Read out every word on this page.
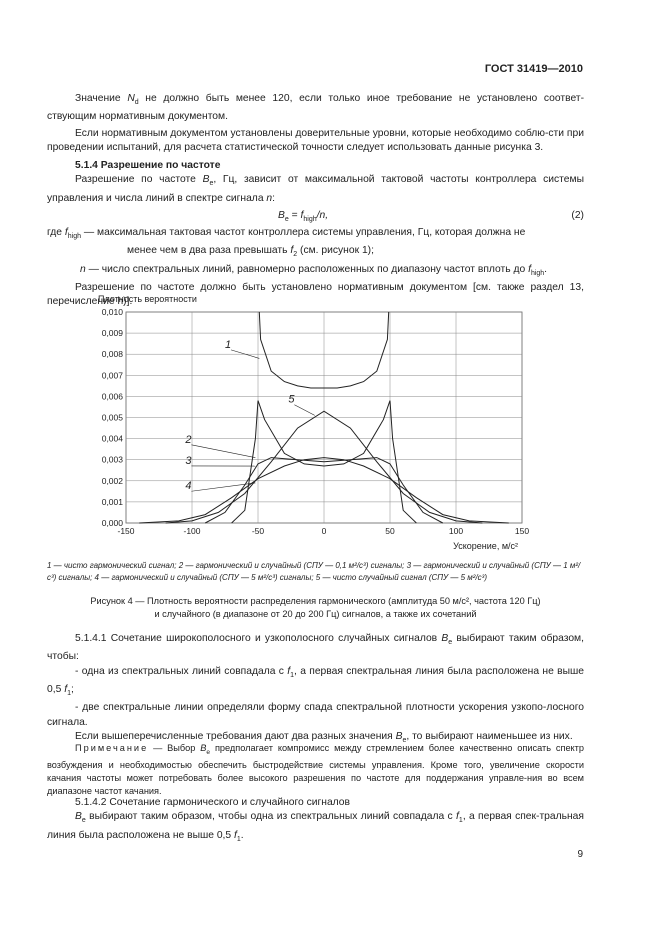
ГОСТ 31419—2010

Значение $N_d$ не должно быть менее 120, если только иное требование не установлено соответ-ствующим нормативным документом.

Если нормативным документом установлены доверительные уровни, которые необходимо соблю-сти при проведении испытаний, для расчета статистической точности следует использовать данные рисунка 3.

5.1.4 Разрешение по частоте

Разрешение по частоте $B_e$, Гц, зависит от максимальной тактовой частоты контроллера системы управления и числа линий в спектре сигнала n:

$B_e = f_{high}/n$,	(2)

где $f_{high}$ — максимальная тактовая частот контроллера системы управления, Гц, которая должна не

менее чем в два раза превышать $f_2$ (см. рисунок 1);

n — число спектральных линий, равномерно расположенных по диапазону частот вплоть до $f_{high}$.

Разрешение по частоте должно быть установлено нормативным документом [см. также раздел 13, перечисление h)].

Плотность вероятности
0,000
0,001
0,002
0,003
0,004
0,005
0,006
0,007
0,008
0,009
0,010
-150	-100	-50	0	50	100	150
1
2
3
4
5
Ускорение, м/с²
1 — чисто гармонический сигнал; 2 — гармонический и случайный (СПУ — 0,1 м²/с³) сигналы; 3 — гармонический и случайный (СПУ — 1 м²/с³) сигналы; 4 — гармонический и случайный (СПУ — 5 м²/с³) сигналы; 5 — чисто случайный сигнал (СПУ — 5 м²/с³)
Рисунок 4 — Плотность вероятности распределения гармонического (амплитуда 50 м/с², частота 120 Гц)
и случайного (в диапазоне от 20 до 200 Гц) сигналов, а также их сочетаний

5.1.4.1 Сочетание широкополосного и узкополосного случайных сигналов $B_e$ выбирают таким образом, чтобы:

- одна из спектральных линий совпадала с $f_1$, а первая спектральная линия была расположена не выше 0,5 $f_1$;

- две спектральные линии определяли форму спада спектральной плотности ускорения узкопо-лосного сигнала.

Если вышеперечисленные требования дают два разных значения $B_e$, то выбирают наименьшее из них.

Примечание — Выбор $B_e$ предполагает компромисс между стремлением более качественно описать спектр возбуждения и необходимостью обеспечить быстродействие системы управления. Кроме того, увеличение скорости качания частоты может потребовать более высокого разрешения по частоте для поддержания управле-ния во всем диапазоне частот качания.

5.1.4.2 Сочетание гармонического и случайного сигналов

$B_e$ выбирают таким образом, чтобы одна из спектральных линий совпадала с $f_1$, а первая спек-тральная линия была расположена не выше 0,5 $f_1$.

9
